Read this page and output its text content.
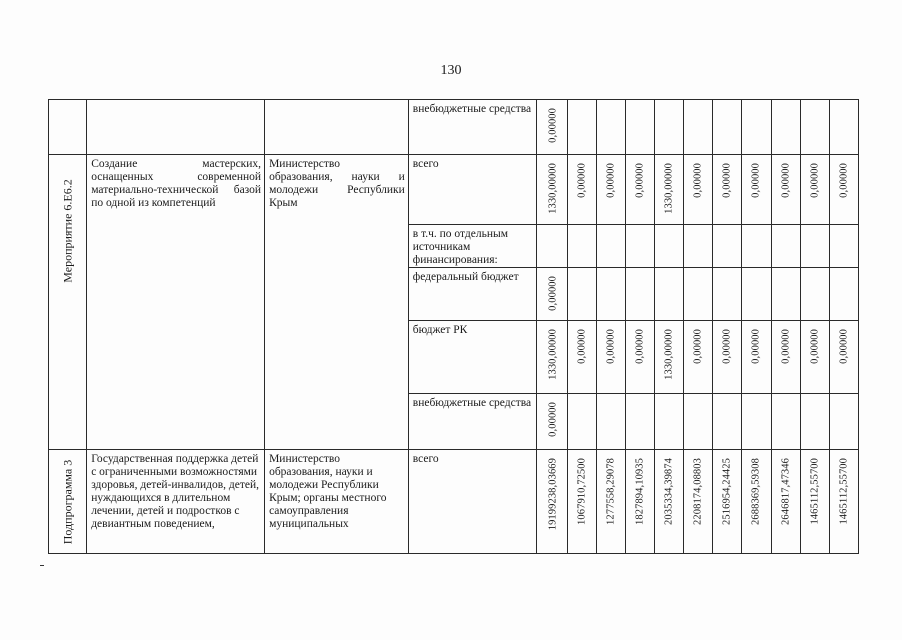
130

			внебюджетные средства	0,00000										

Мероприятие 6.Е6.2	Создание мастерских, оснащенных современной материально-технической базой по одной из компетенций	Министерство образования, науки и молодежи Республики Крым	всего	1330,00000	0,00000	0,00000	0,00000	1330,00000	0,00000	0,00000	0,00000	0,00000	0,00000	0,00000

			в т.ч. по отдельным источникам финансирования:											

			федеральный бюджет	0,00000										

			бюджет РК	1330,00000	0,00000	0,00000	0,00000	1330,00000	0,00000	0,00000	0,00000	0,00000	0,00000	0,00000

			внебюджетные средства	0,00000										

Подпрограмма 3	Государственная поддержка детей с ограниченными возможностями здоровья, детей-инвалидов, детей, нуждающихся в длительном лечении, детей и подростков с девиантным поведением,	Министерство образования, науки и молодежи Республики Крым; органы местного самоуправления муниципальных	всего	19199238,03669	1067910,72500	1277558,29078	1827894,10935	2035334,39874	2208174,08803	2516954,24425	2688369,59308	2646817,47346	1465112,55700	1465112,55700
